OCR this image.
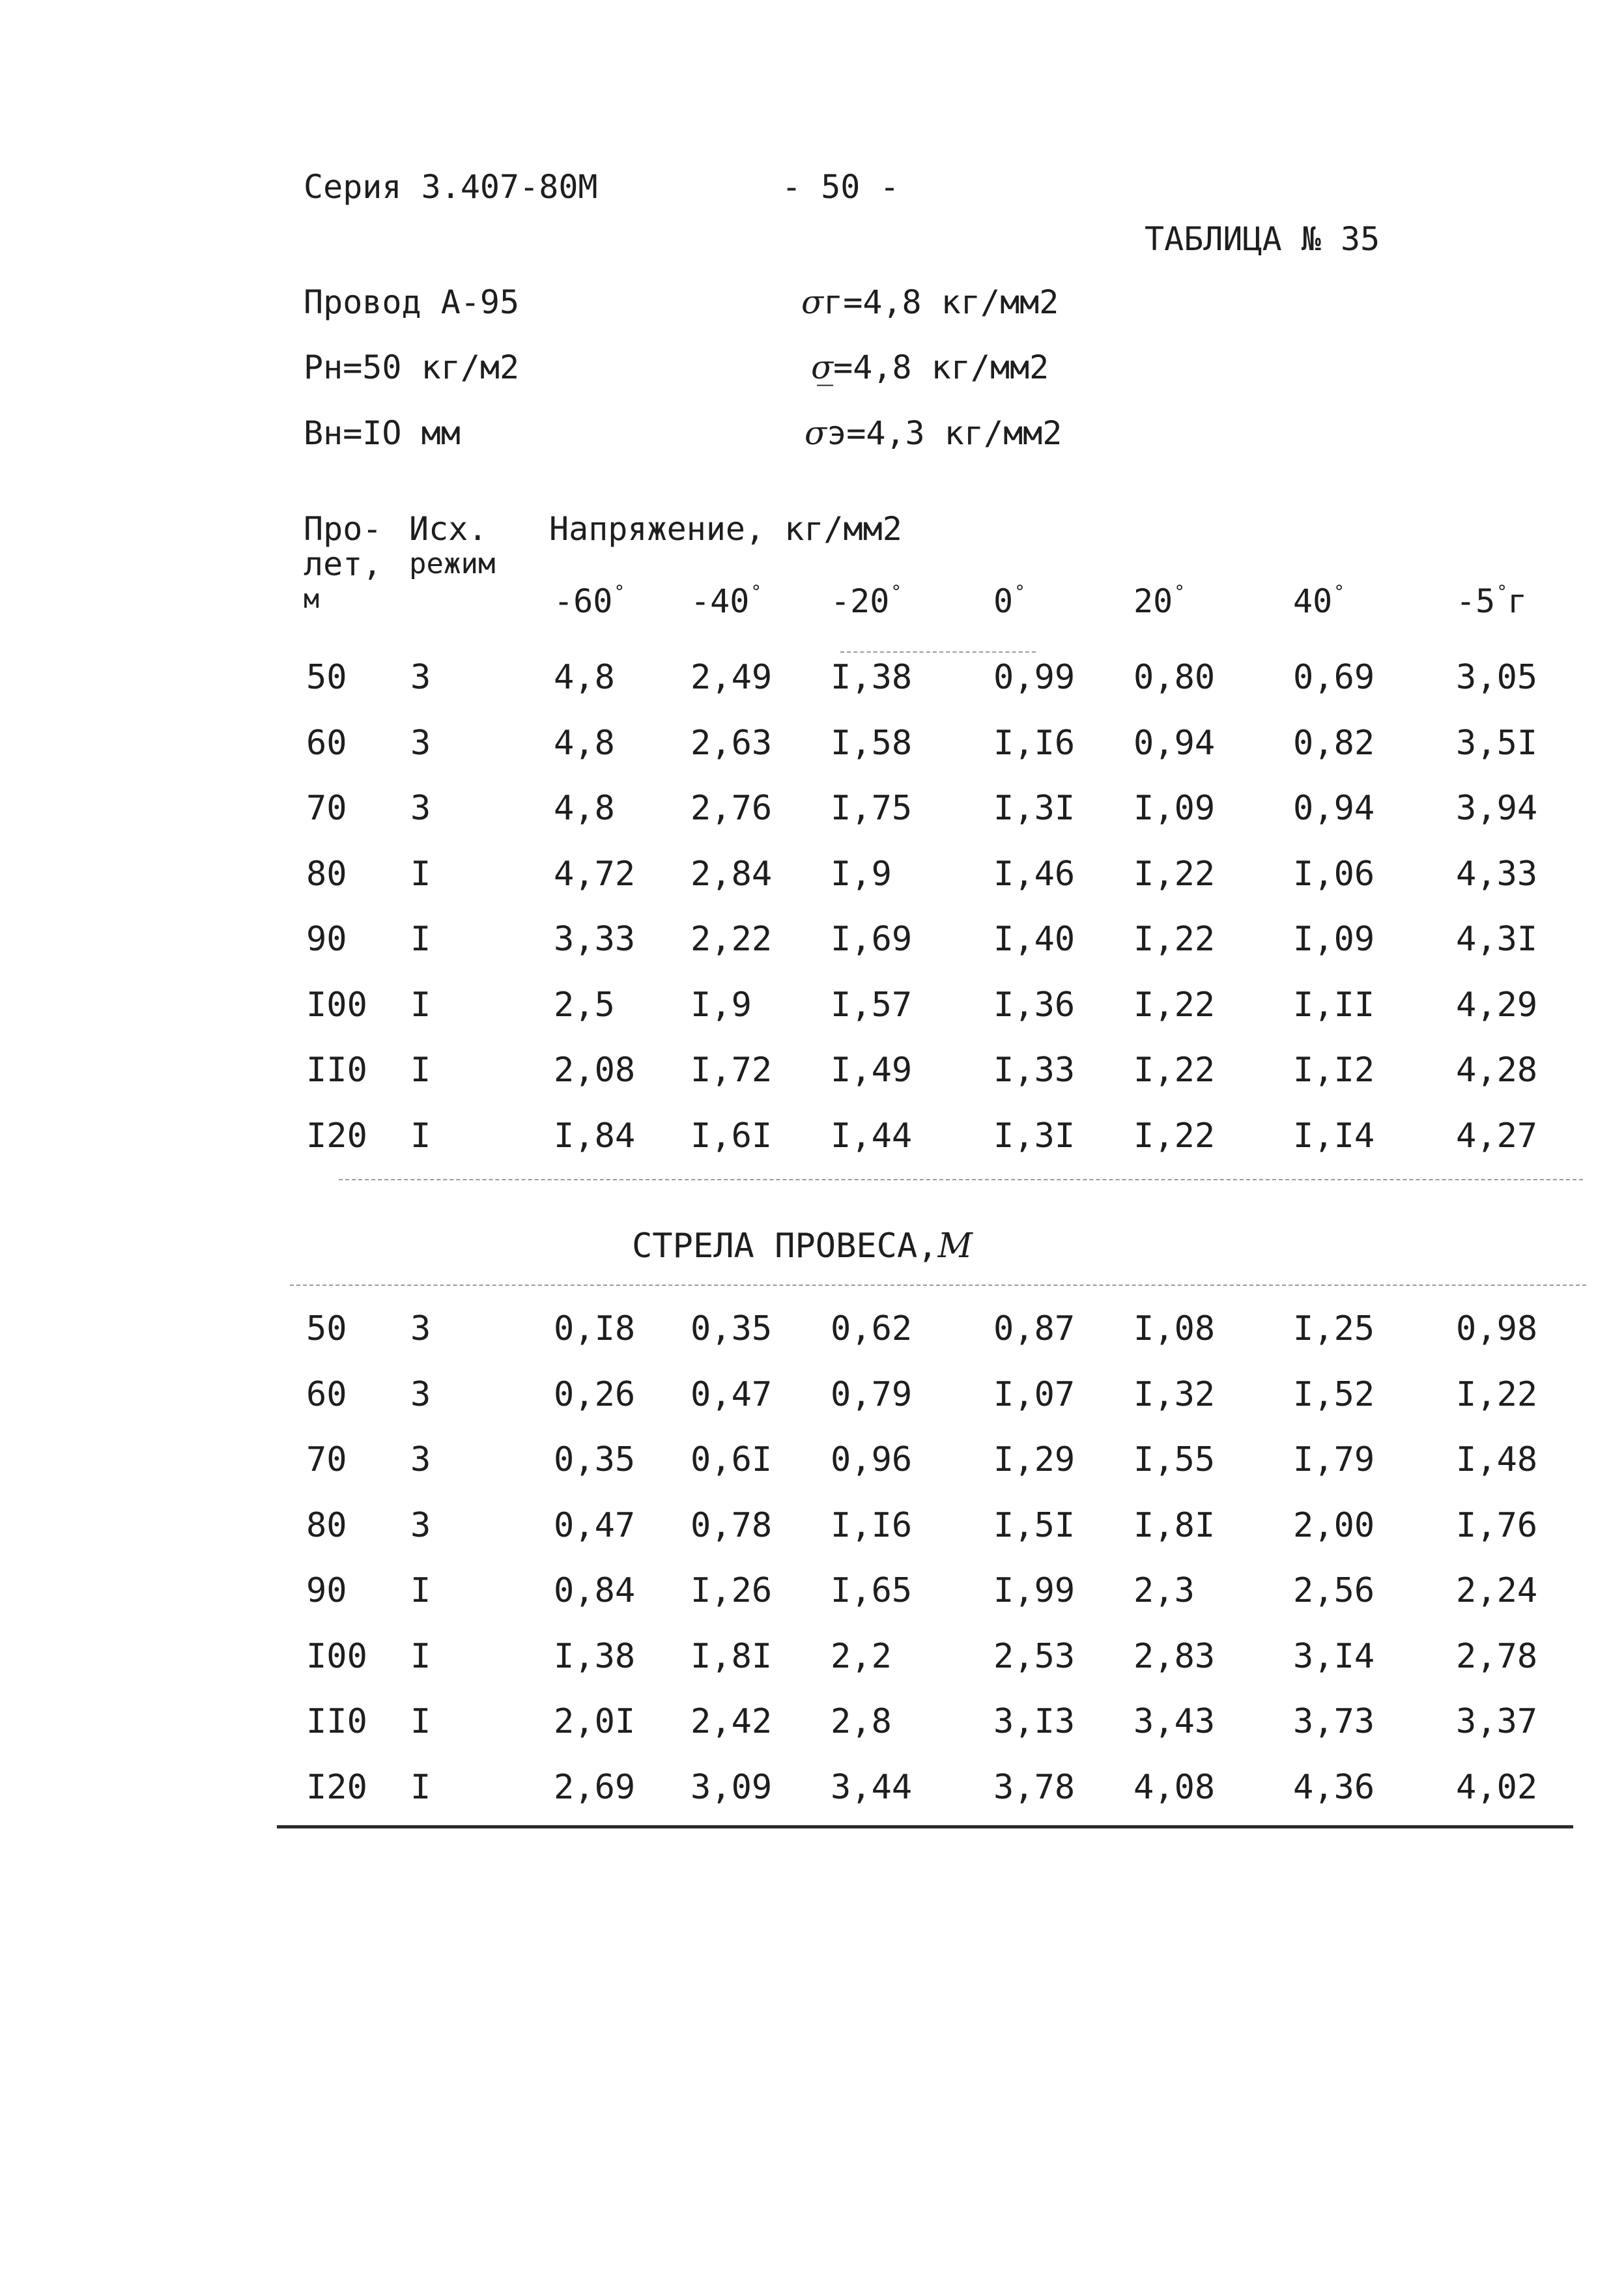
Серия 3.407-80М	- 50 -
ТАБЛИЦА № 35
Провод А-95
Рн=50 кг/м2
Вн=IO мм
σг=4,8 кг/мм2
σ̲=4,8 кг/мм2
σэ=4,3 кг/мм2
Про-
лет,
м
Исх.
режим
Напряжение, кг/мм2
-60° -40° -20°	0°	20°	40°	-5°г
50 3	4,8 2,49 I,38 0,99 0,80 0,69 3,05
60 3	4,8 2,63 I,58 I,I6 0,94 0,82 3,5I
70 3	4,8 2,76 I,75 I,3I I,09 0,94 3,94
80 I	4,72 2,84 I,9	I,46 I,22 I,06 4,33
90 I	3,33 2,22 I,69 I,40 I,22 I,09 4,3I
I00 I	2,5 I,9 I,57 I,36 I,22 I,II 4,29
II0 I	2,08 I,72 I,49 I,33 I,22 I,I2 4,28
I20 I	I,84 I,6I I,44 I,3I I,22 I,I4 4,27
СТРЕЛА ПРОВЕСА,М
50 3	0,I8 0,35 0,62 0,87 I,08 I,25 0,98
60 3	0,26 0,47 0,79 I,07 I,32 I,52 I,22
70 3	0,35 0,6I 0,96 I,29 I,55 I,79 I,48
80 3	0,47 0,78 I,I6 I,5I I,8I 2,00 I,76
90 I	0,84 I,26 I,65 I,99 2,3	2,56 2,24
I00 I	I,38 I,8I 2,2	2,53 2,83 3,I4 2,78
II0 I	2,0I 2,42 2,8	3,I3 3,43 3,73 3,37
I20 I	2,69 3,09 3,44 3,78 4,08 4,36 4,02
